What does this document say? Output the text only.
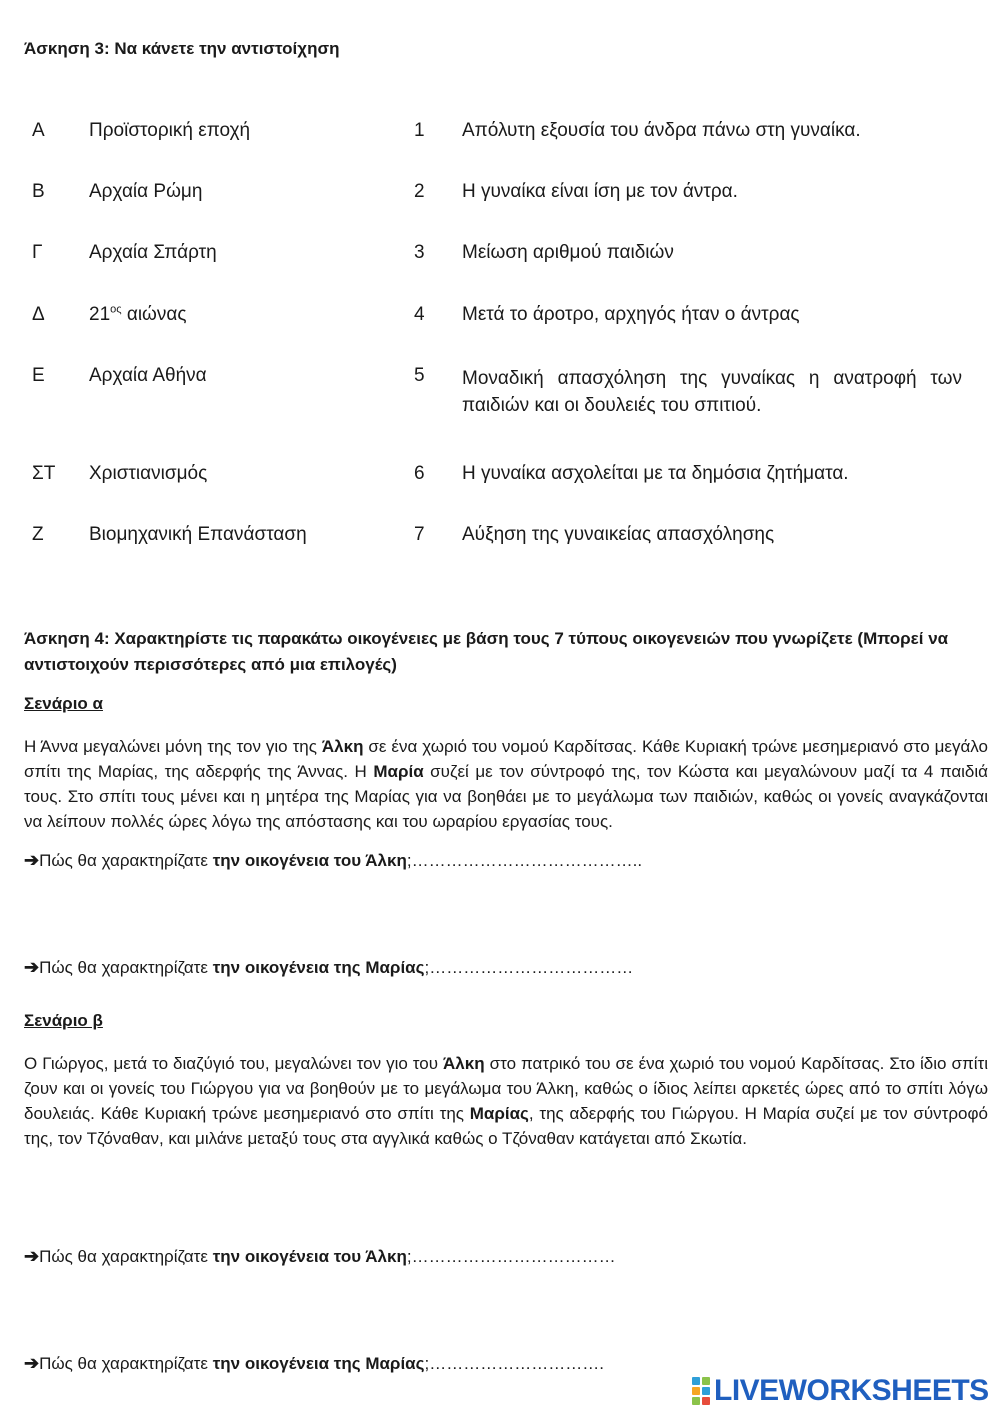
Άσκηση 3: Να κάνετε την αντιστοίχηση
Α Προϊστορική εποχή	1 Απόλυτη εξουσία του άνδρα πάνω στη γυναίκα.
Β Αρχαία Ρώμη	2 Η γυναίκα είναι ίση με τον άντρα.
Γ Αρχαία Σπάρτη	3 Μείωση αριθμού παιδιών
Δ $21^{o\varsigma}$ αιώνας	4 Μετά το άροτρο, αρχηγός ήταν ο άντρας
Ε Αρχαία Αθήνα	5 Μοναδική απασχόληση της γυναίκας η ανατροφή των παιδιών και οι δουλειές του σπιτιού.
ΣΤ Χριστιανισμός	6 Η γυναίκα ασχολείται με τα δημόσια ζητήματα.
Ζ Βιομηχανική Επανάσταση	7 Αύξηση της γυναικείας απασχόλησης
Άσκηση 4: Χαρακτηρίστε τις παρακάτω οικογένειες με βάση τους 7 τύπους οικογενειών που γνωρίζετε (Μπορεί να αντιστοιχούν περισσότερες από μια επιλογές)
Σενάριο α
Η Άννα μεγαλώνει μόνη της τον γιο της Άλκη σε ένα χωριό του νομού Καρδίτσας. Κάθε Κυριακή τρώνε μεσημεριανό στο μεγάλο σπίτι της Μαρίας, της αδερφής της Άννας. Η Μαρία συζεί με τον σύντροφό της, τον Κώστα και μεγαλώνουν μαζί τα 4 παιδιά τους. Στο σπίτι τους μένει και η μητέρα της Μαρίας για να βοηθάει με το μεγάλωμα των παιδιών, καθώς οι γονείς αναγκάζονται να λείπουν πολλές ώρες λόγω της απόστασης και του ωραρίου εργασίας τους.
➔Πώς θα χαρακτηρίζατε την οικογένεια του Άλκη;…………………………………..
➔Πώς θα χαρακτηρίζατε την οικογένεια της Μαρίας;………………………………
Σενάριο β
Ο Γιώργος, μετά το διαζύγιό του, μεγαλώνει τον γιο του Άλκη στο πατρικό του σε ένα χωριό του νομού Καρδίτσας. Στο ίδιο σπίτι ζουν και οι γονείς του Γιώργου για να βοηθούν με το μεγάλωμα του Άλκη, καθώς ο ίδιος λείπει αρκετές ώρες από το σπίτι λόγω δουλειάς. Κάθε Κυριακή τρώνε μεσημεριανό στο σπίτι της Μαρίας, της αδερφής του Γιώργου. Η Μαρία συζεί με τον σύντροφό της, τον Τζόναθαν, και μιλάνε μεταξύ τους στα αγγλικά καθώς ο Τζόναθαν κατάγεται από Σκωτία.
➔Πώς θα χαρακτηρίζατε την οικογένεια του Άλκη;………………………………
➔Πώς θα χαρακτηρίζατε την οικογένεια της Μαρίας;………………………….
LIVEWORKSHEETS
